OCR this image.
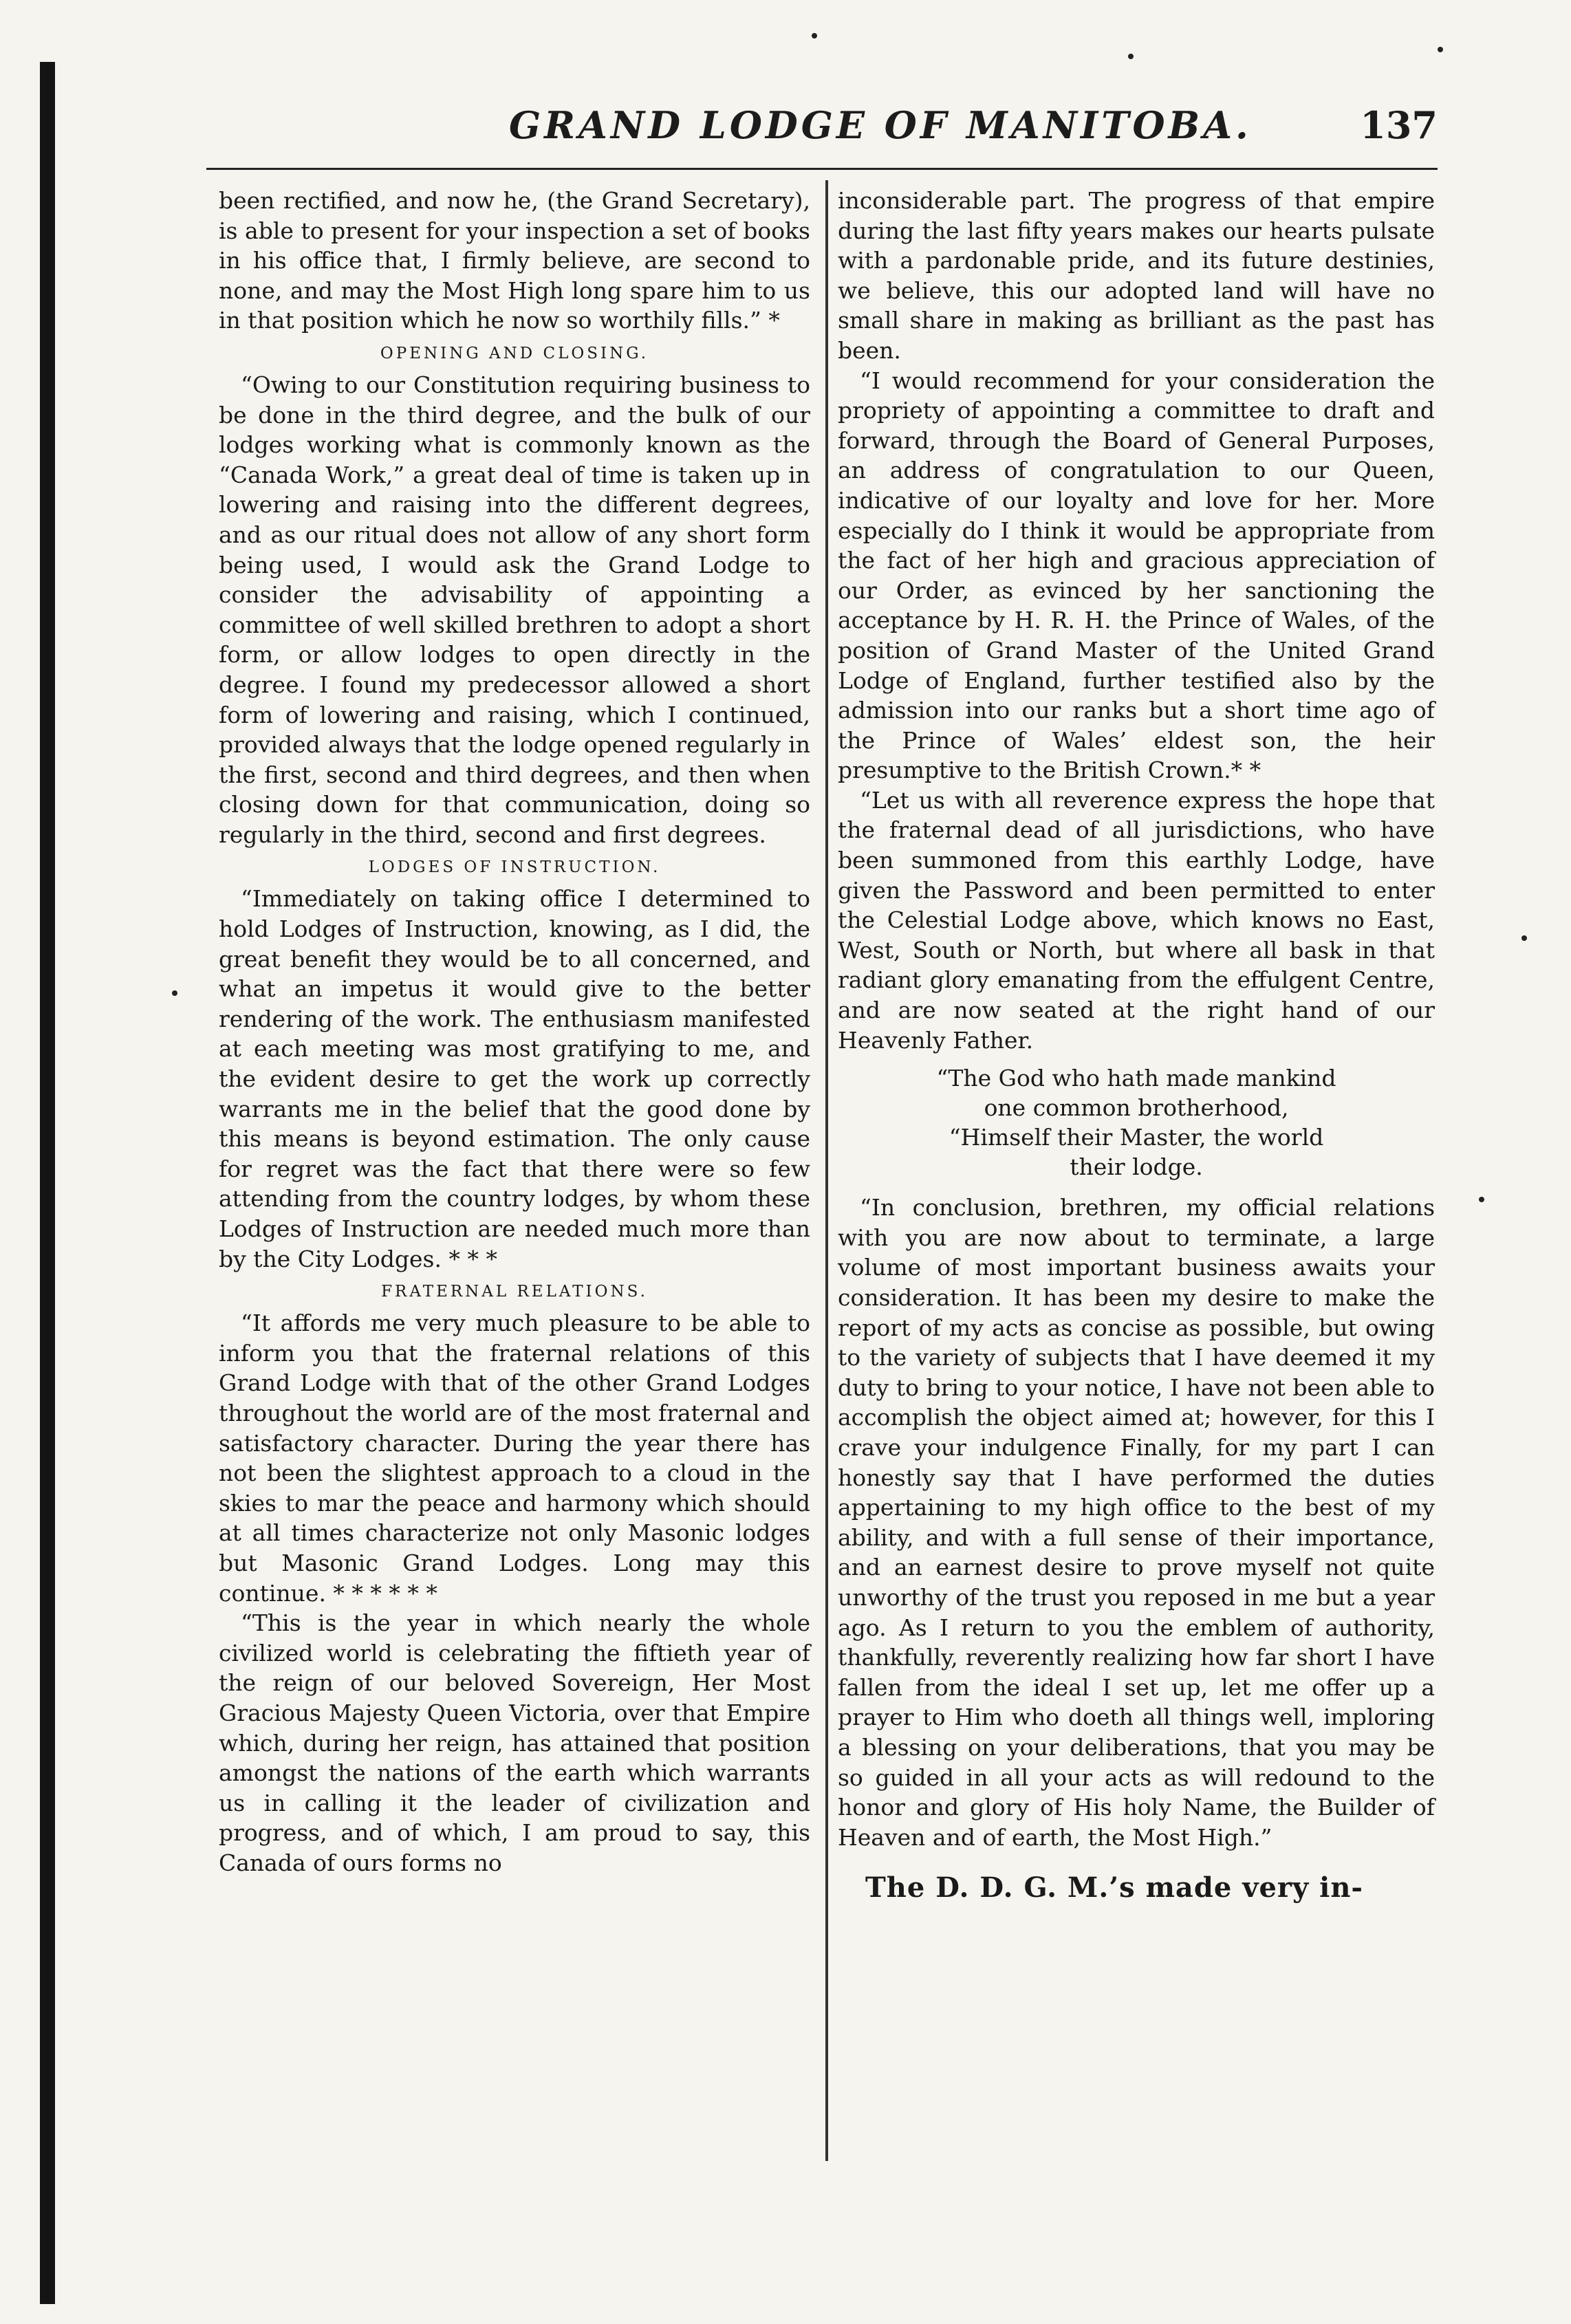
GRAND LODGE OF MANITOBA.	137

been rectified, and now he, (the Grand Secretary), is able to present for your inspection a set of books in his office that, I firmly believe, are second to none, and may the Most High long spare him to us in that position which he now so worthily fills.” *

OPENING AND CLOSING.

“Owing to our Constitution requiring business to be done in the third degree, and the bulk of our lodges working what is commonly known as the “Canada Work,” a great deal of time is taken up in lowering and raising into the different degrees, and as our ritual does not allow of any short form being used, I would ask the Grand Lodge to consider the advisability of appointing a committee of well skilled brethren to adopt a short form, or allow lodges to open directly in the degree. I found my predecessor allowed a short form of lowering and raising, which I continued, provided always that the lodge opened regularly in the first, second and third degrees, and then when closing down for that communication, doing so regularly in the third, second and first degrees.

LODGES OF INSTRUCTION.

“Immediately on taking office I determined to hold Lodges of Instruction, knowing, as I did, the great benefit they would be to all concerned, and what an impetus it would give to the better rendering of the work. The enthusiasm manifested at each meeting was most gratifying to me, and the evident desire to get the work up correctly warrants me in the belief that the good done by this means is beyond estimation. The only cause for regret was the fact that there were so few attending from the country lodges, by whom these Lodges of Instruction are needed much more than by the City Lodges. * * *

FRATERNAL RELATIONS.

“It affords me very much pleasure to be able to inform you that the fraternal relations of this Grand Lodge with that of the other Grand Lodges throughout the world are of the most fraternal and satisfactory character. During the year there has not been the slightest approach to a cloud in the skies to mar the peace and harmony which should at all times characterize not only Masonic lodges but Masonic Grand Lodges. Long may this continue. * * * * * *

“This is the year in which nearly the whole civilized world is celebrating the fiftieth year of the reign of our beloved Sovereign, Her Most Gracious Majesty Queen Victoria, over that Empire which, during her reign, has attained that position amongst the nations of the earth which warrants us in calling it the leader of civilization and progress, and of which, I am proud to say, this Canada of ours forms no

inconsiderable part. The progress of that empire during the last fifty years makes our hearts pulsate with a pardonable pride, and its future destinies, we believe, this our adopted land will have no small share in making as brilliant as the past has been.

“I would recommend for your consideration the propriety of appointing a committee to draft and forward, through the Board of General Purposes, an address of congratulation to our Queen, indicative of our loyalty and love for her. More especially do I think it would be appropriate from the fact of her high and gracious appreciation of our Order, as evinced by her sanctioning the acceptance by H. R. H. the Prince of Wales, of the position of Grand Master of the United Grand Lodge of England, further testified also by the admission into our ranks but a short time ago of the Prince of Wales’ eldest son, the heir presumptive to the British Crown.* *

“Let us with all reverence express the hope that the fraternal dead of all jurisdictions, who have been summoned from this earthly Lodge, have given the Password and been permitted to enter the Celestial Lodge above, which knows no East, West, South or North, but where all bask in that radiant glory emanating from the effulgent Centre, and are now seated at the right hand of our Heavenly Father.

“The God who hath made mankind
one common brotherhood,
“Himself their Master, the world
their lodge.

“In conclusion, brethren, my official relations with you are now about to terminate, a large volume of most important business awaits your consideration. It has been my desire to make the report of my acts as concise as possible, but owing to the variety of subjects that I have deemed it my duty to bring to your notice, I have not been able to accomplish the object aimed at; however, for this I crave your indulgence Finally, for my part I can honestly say that I have performed the duties appertaining to my high office to the best of my ability, and with a full sense of their importance, and an earnest desire to prove myself not quite unworthy of the trust you reposed in me but a year ago. As I return to you the emblem of authority, thankfully, reverently realizing how far short I have fallen from the ideal I set up, let me offer up a prayer to Him who doeth all things well, imploring a blessing on your deliberations, that you may be so guided in all your acts as will redound to the honor and glory of His holy Name, the Builder of Heaven and of earth, the Most High.”

The D. D. G. M.’s made very in-
